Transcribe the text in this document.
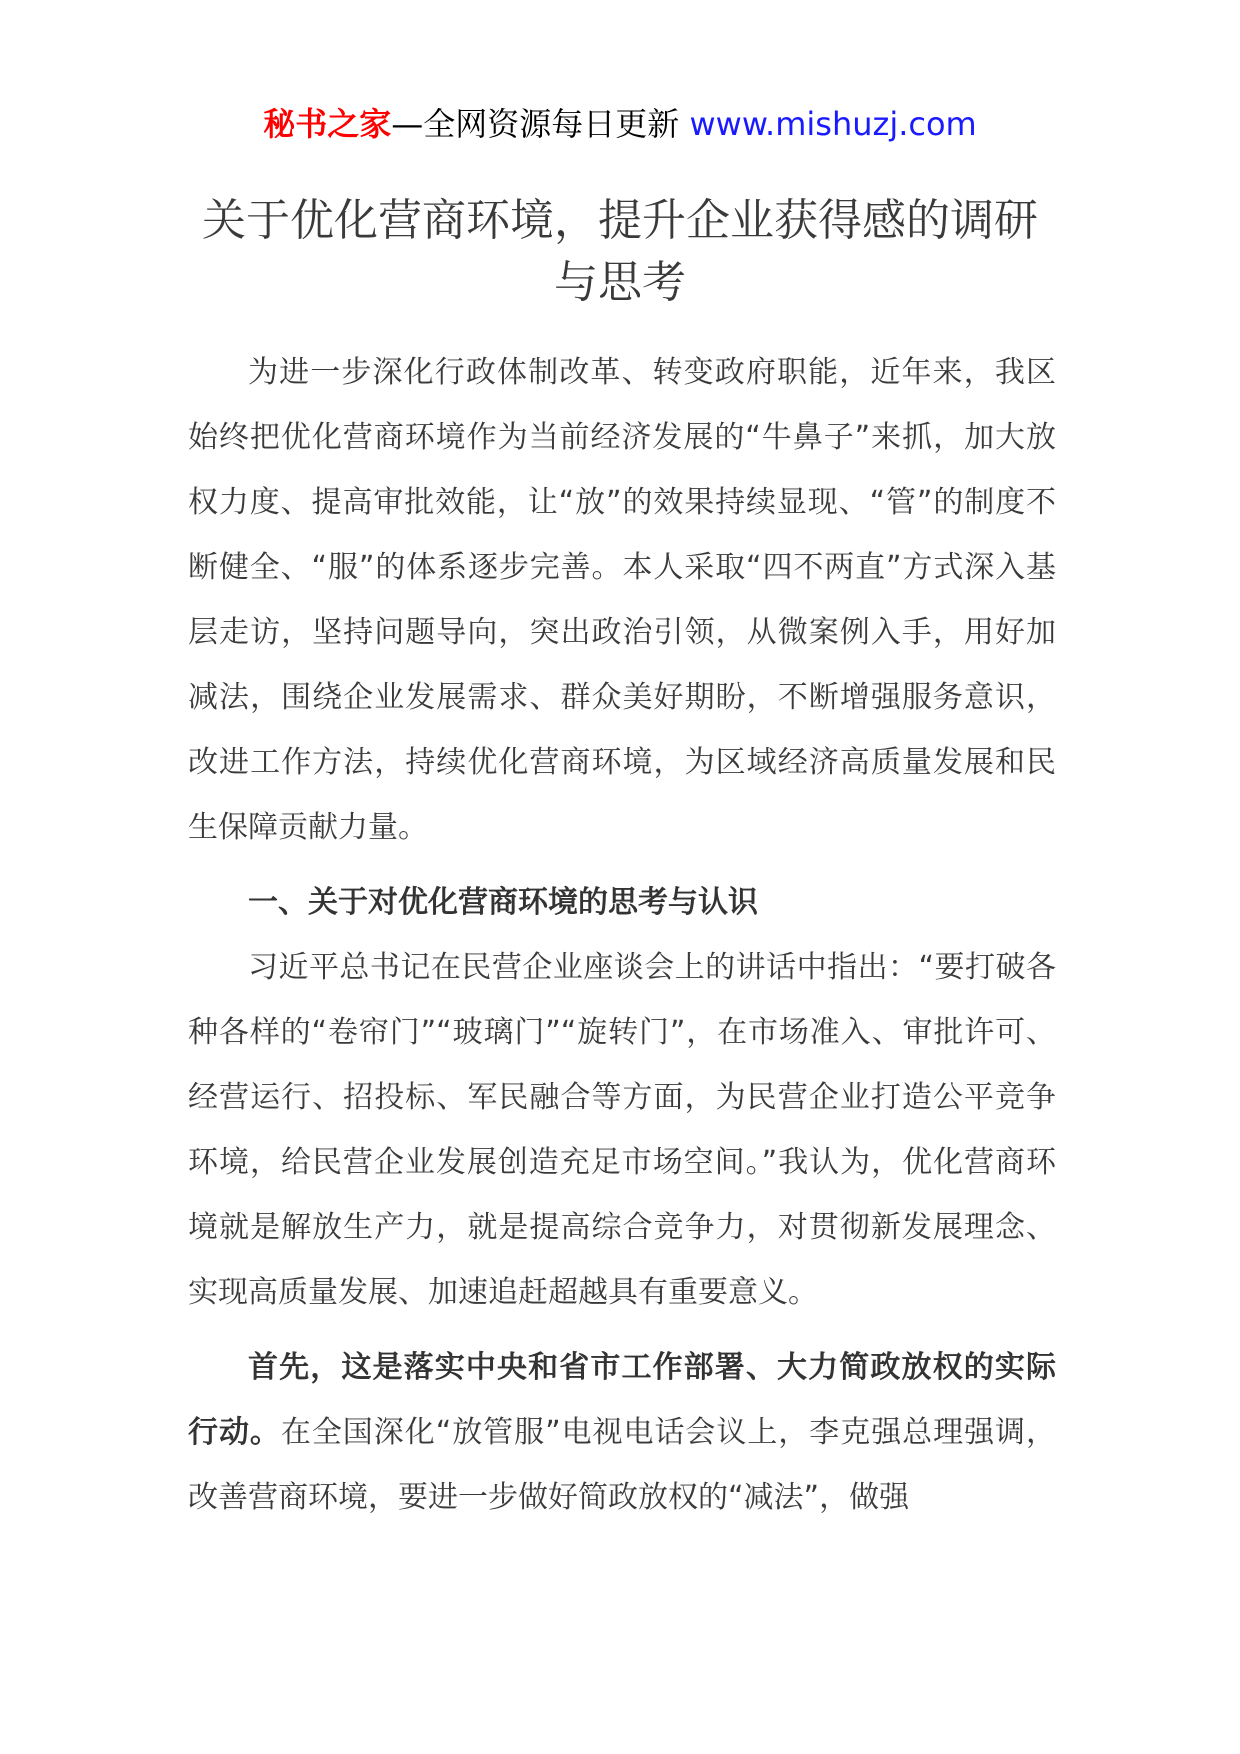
秘书之家—全网资源每日更新 www.mishuzj.com
关于优化营商环境，提升企业获得感的调研与思考

为进一步深化行政体制改革、转变政府职能，近年来，我区始终把优化营商环境作为当前经济发展的“牛鼻子”来抓，加大放权力度、提高审批效能，让“放”的效果持续显现、“管”的制度不断健全、“服”的体系逐步完善。本人采取“四不两直”方式深入基层走访，坚持问题导向，突出政治引领，从微案例入手，用好加减法，围绕企业发展需求、群众美好期盼，不断增强服务意识，改进工作方法，持续优化营商环境，为区域经济高质量发展和民生保障贡献力量。

一、关于对优化营商环境的思考与认识

习近平总书记在民营企业座谈会上的讲话中指出：“要打破各种各样的“卷帘门”“玻璃门”“旋转门”，在市场准入、审批许可、经营运行、招投标、军民融合等方面，为民营企业打造公平竞争环境，给民营企业发展创造充足市场空间。”我认为，优化营商环境就是解放生产力，就是提高综合竞争力，对贯彻新发展理念、实现高质量发展、加速追赶超越具有重要意义。

首先，这是落实中央和省市工作部署、大力简政放权的实际行动。在全国深化“放管服”电视电话会议上，李克强总理强调，改善营商环境，要进一步做好简政放权的“减法”，做强
